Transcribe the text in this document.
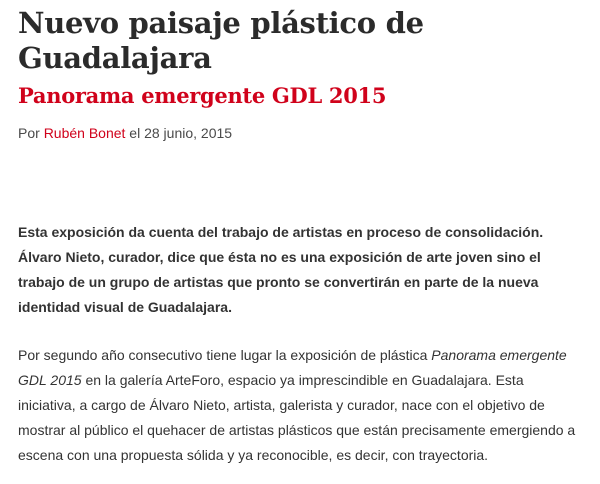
Nuevo paisaje plástico de Guadalajara
Panorama emergente GDL 2015

Por Rubén Bonet el 28 junio, 2015

Esta exposición da cuenta del trabajo de artistas en proceso de consolidación. Álvaro Nieto, curador, dice que ésta no es una exposición de arte joven sino el trabajo de un grupo de artistas que pronto se convertirán en parte de la nueva identidad visual de Guadalajara.

Por segundo año consecutivo tiene lugar la exposición de plástica Panorama emergente GDL 2015 en la galería ArteForo, espacio ya imprescindible en Guadalajara. Esta iniciativa, a cargo de Álvaro Nieto, artista, galerista y curador, nace con el objetivo de mostrar al público el quehacer de artistas plásticos que están precisamente emergiendo a escena con una propuesta sólida y ya reconocible, es decir, con trayectoria.
